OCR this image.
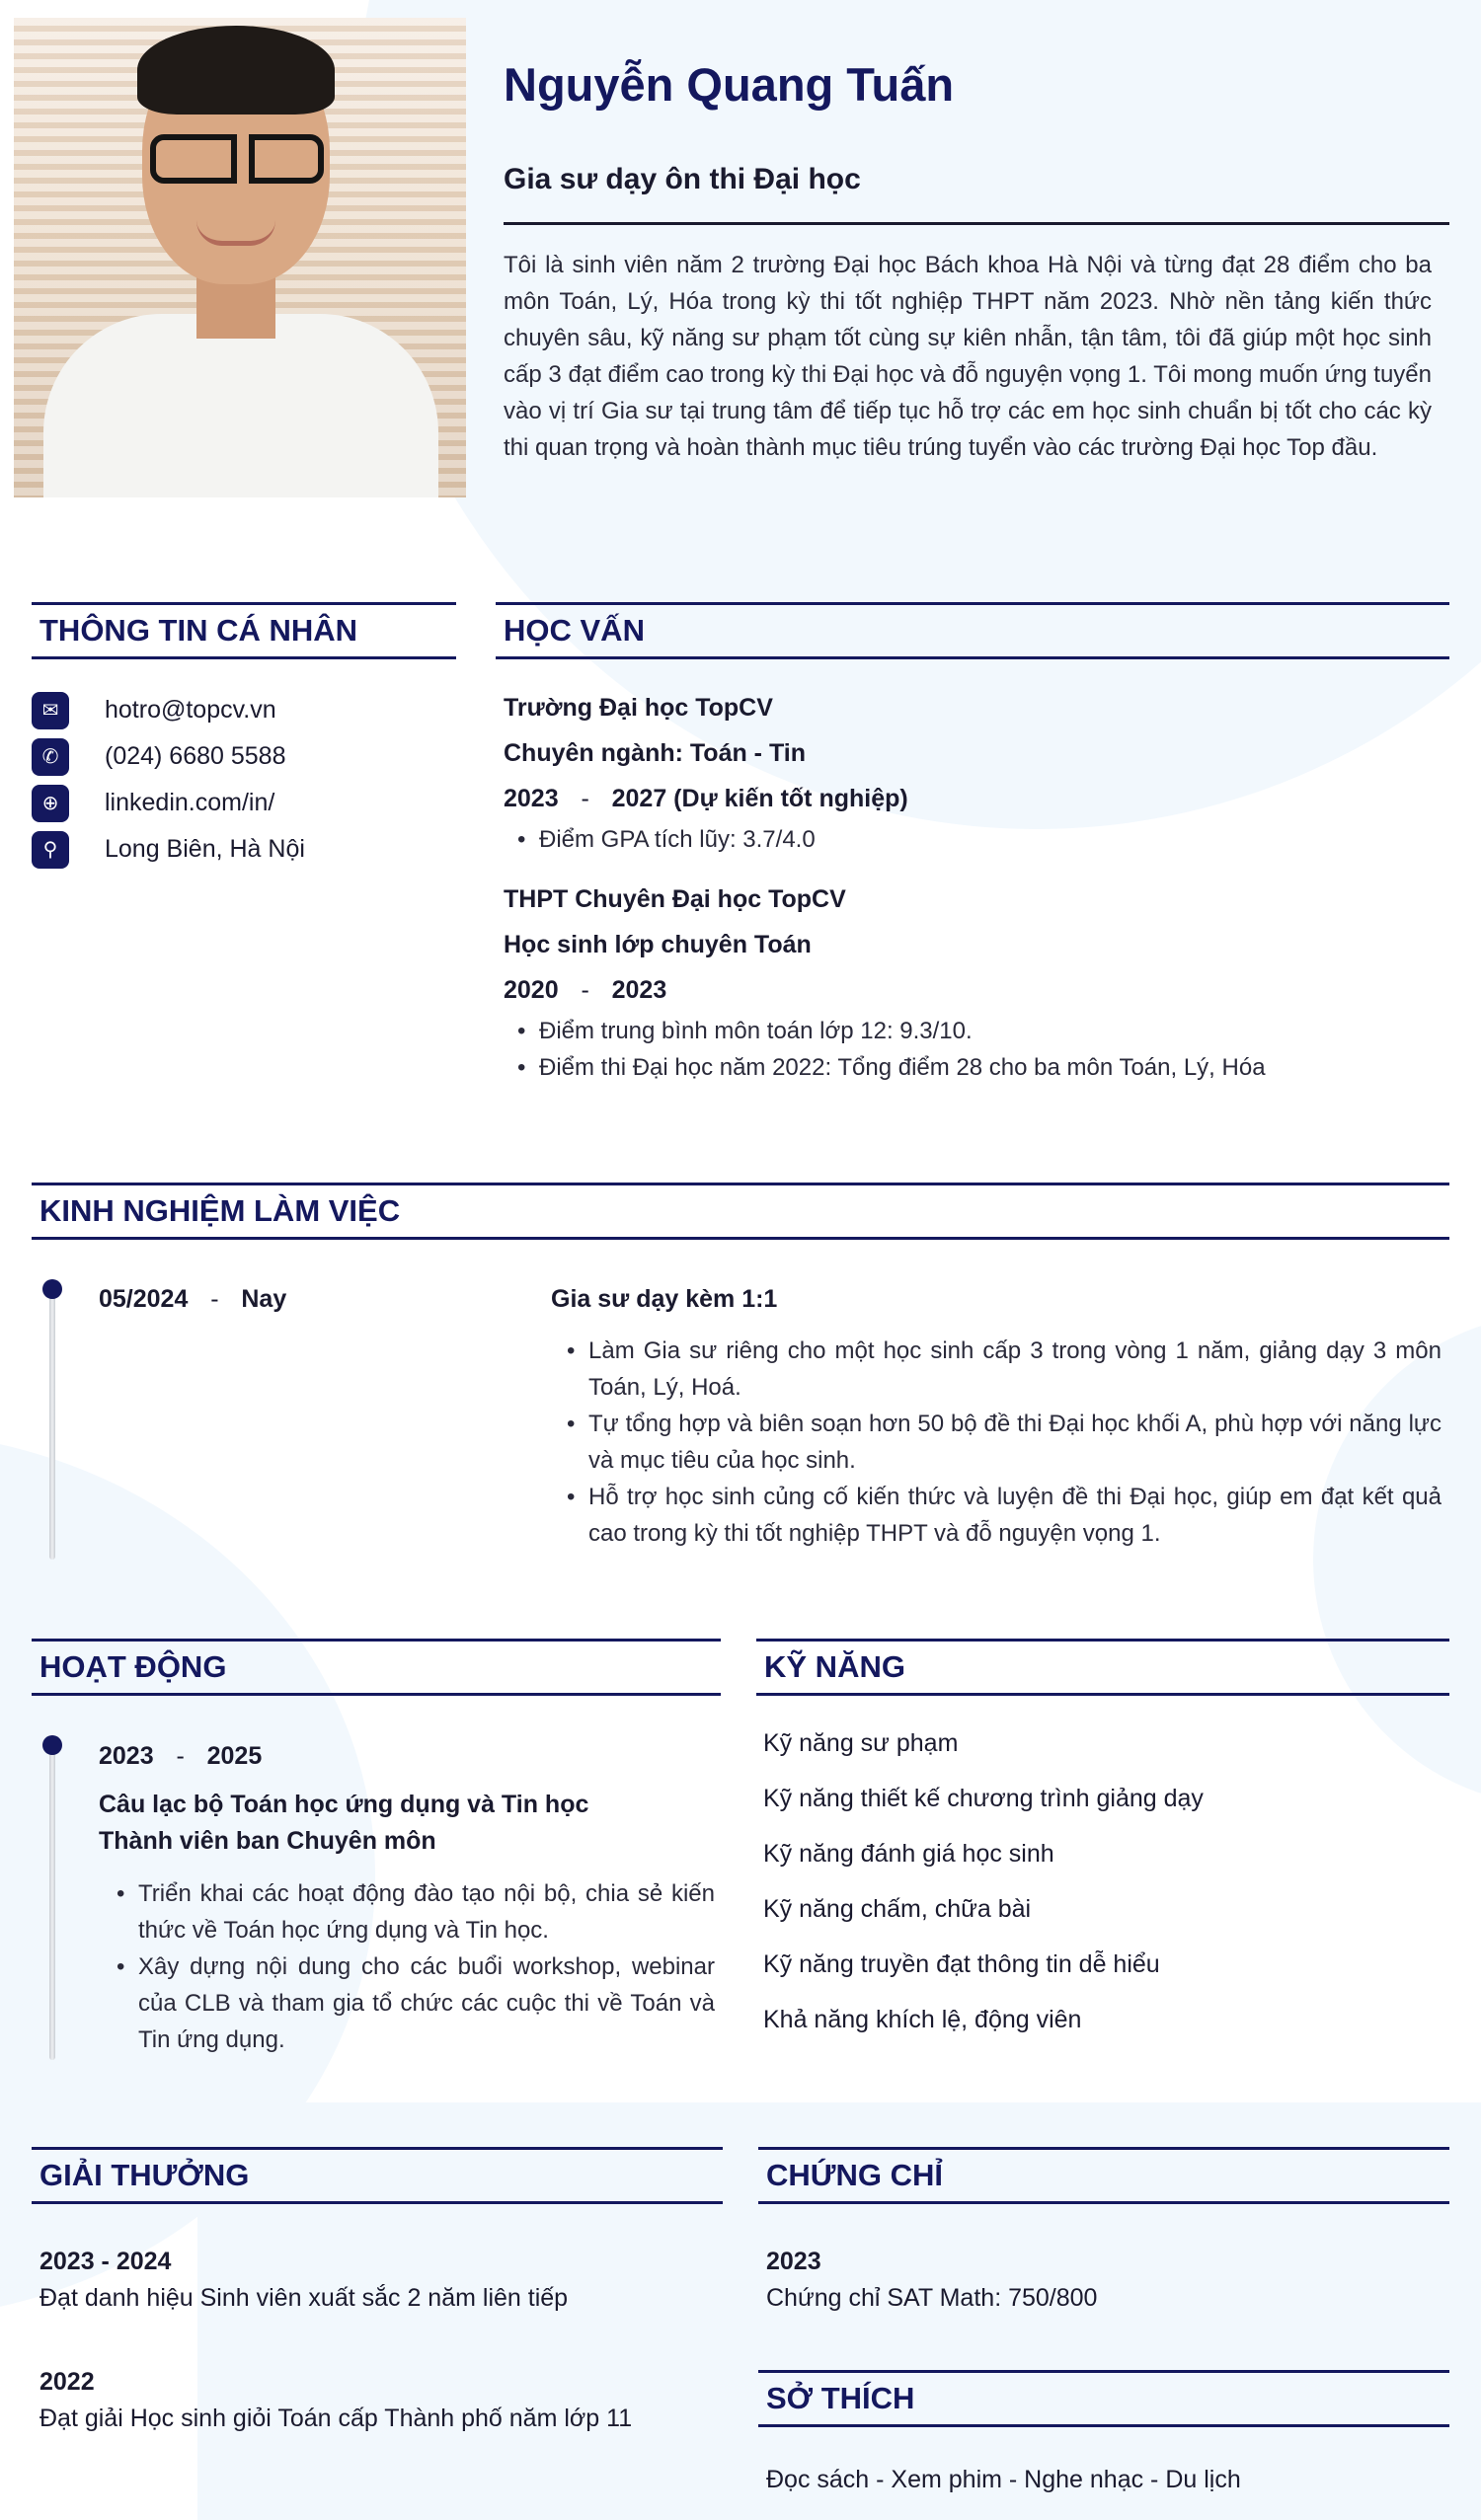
Nguyễn Quang Tuấn
Gia sư dạy ôn thi Đại học
Tôi là sinh viên năm 2 trường Đại học Bách khoa Hà Nội và từng đạt 28 điểm cho ba môn Toán, Lý, Hóa trong kỳ thi tốt nghiệp THPT năm 2023. Nhờ nền tảng kiến thức chuyên sâu, kỹ năng sư phạm tốt cùng sự kiên nhẫn, tận tâm, tôi đã giúp một học sinh cấp 3 đạt điểm cao trong kỳ thi Đại học và đỗ nguyện vọng 1. Tôi mong muốn ứng tuyển vào vị trí Gia sư tại trung tâm để tiếp tục hỗ trợ các em học sinh chuẩn bị tốt cho các kỳ thi quan trọng và hoàn thành mục tiêu trúng tuyển vào các trường Đại học Top đầu.
THÔNG TIN CÁ NHÂN
✉	hotro@topcv.vn
✆	(024) 6680 5588
⊕	linkedin.com/in/
⚲	Long Biên, Hà Nội
HỌC VẤN
Trường Đại học TopCV
Chuyên ngành: Toán - Tin
2023 - 2027 (Dự kiến tốt nghiệp)
• Điểm GPA tích lũy: 3.7/4.0
THPT Chuyên Đại học TopCV
Học sinh lớp chuyên Toán
2020 - 2023
• Điểm trung bình môn toán lớp 12: 9.3/10.
• Điểm thi Đại học năm 2022: Tổng điểm 28 cho ba môn Toán, Lý, Hóa
KINH NGHIỆM LÀM VIỆC
05/2024 - Nay	Gia sư dạy kèm 1:1
• Làm Gia sư riêng cho một học sinh cấp 3 trong vòng 1 năm, giảng dạy 3 môn Toán, Lý, Hoá.
• Tự tổng hợp và biên soạn hơn 50 bộ đề thi Đại học khối A, phù hợp với năng lực và mục tiêu của học sinh.
• Hỗ trợ học sinh củng cố kiến thức và luyện đề thi Đại học, giúp em đạt kết quả cao trong kỳ thi tốt nghiệp THPT và đỗ nguyện vọng 1.
HOẠT ĐỘNG
2023 - 2025
Câu lạc bộ Toán học ứng dụng và Tin học
Thành viên ban Chuyên môn
• Triển khai các hoạt động đào tạo nội bộ, chia sẻ kiến thức về Toán học ứng dụng và Tin học.
• Xây dựng nội dung cho các buổi workshop, webinar của CLB và tham gia tổ chức các cuộc thi về Toán và Tin ứng dụng.
KỸ NĂNG
Kỹ năng sư phạm
Kỹ năng thiết kế chương trình giảng dạy
Kỹ năng đánh giá học sinh
Kỹ năng chấm, chữa bài
Kỹ năng truyền đạt thông tin dễ hiểu
Khả năng khích lệ, động viên
GIẢI THƯỞNG
2023 - 2024
Đạt danh hiệu Sinh viên xuất sắc 2 năm liên tiếp
2022
Đạt giải Học sinh giỏi Toán cấp Thành phố năm lớp 11
CHỨNG CHỈ
2023
Chứng chỉ SAT Math: 750/800
SỞ THÍCH
Đọc sách - Xem phim - Nghe nhạc - Du lịch
